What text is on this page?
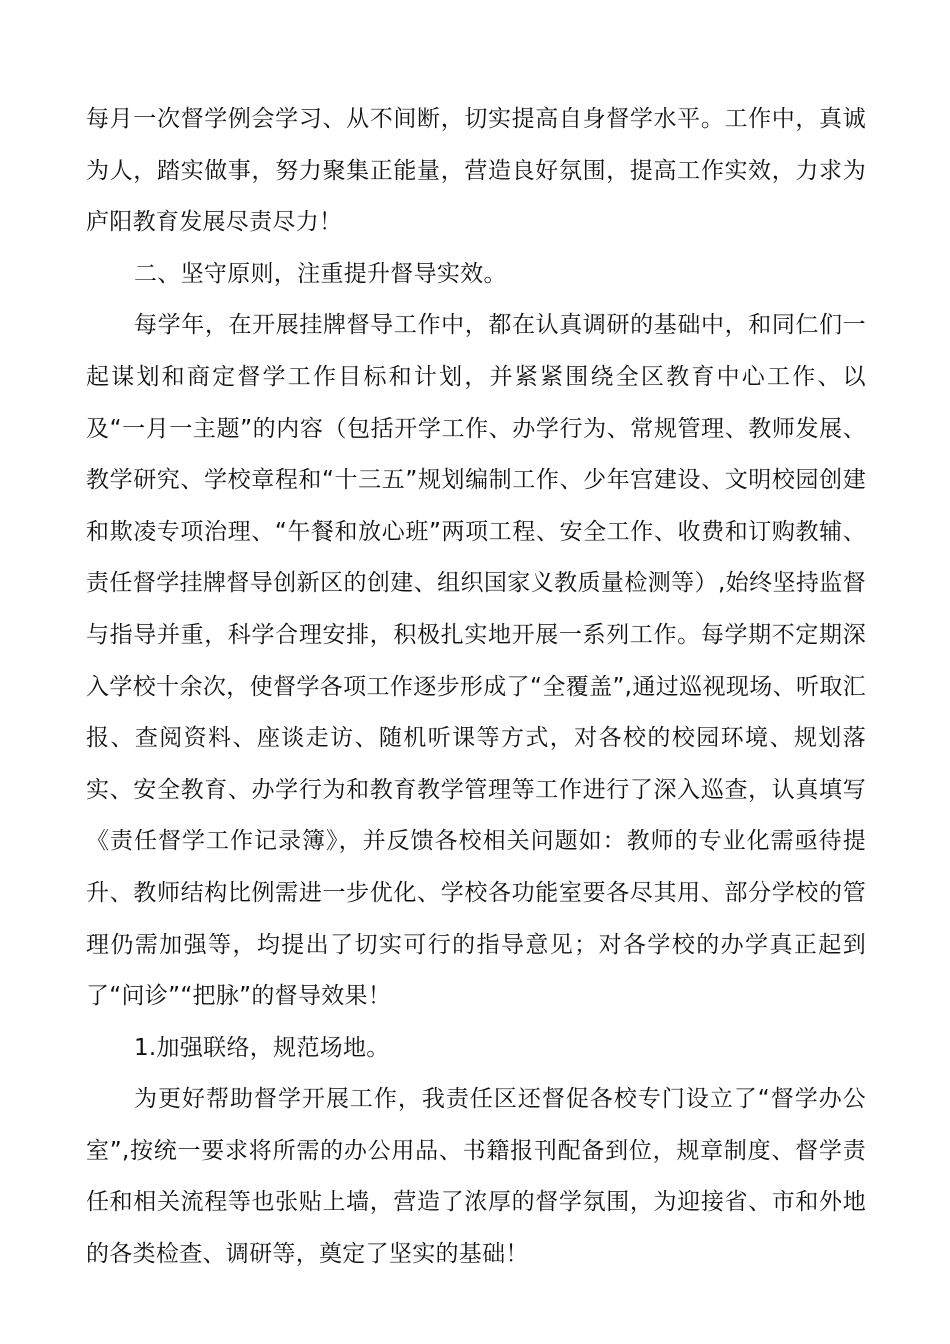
每月一次督学例会学习、从不间断，切实提高自身督学水平。工作中，真诚为人，踏实做事，努力聚集正能量，营造良好氛围，提高工作实效，力求为庐阳教育发展尽责尽力！

二、坚守原则，注重提升督导实效。

每学年，在开展挂牌督导工作中，都在认真调研的基础中，和同仁们一起谋划和商定督学工作目标和计划，并紧紧围绕全区教育中心工作、以及“一月一主题”的内容（包括开学工作、办学行为、常规管理、教师发展、教学研究、学校章程和“十三五”规划编制工作、少年宫建设、文明校园创建和欺凌专项治理、“午餐和放心班”两项工程、安全工作、收费和订购教辅、责任督学挂牌督导创新区的创建、组织国家义教质量检测等）,始终坚持监督与指导并重，科学合理安排，积极扎实地开展一系列工作。每学期不定期深入学校十余次，使督学各项工作逐步形成了“全覆盖”,通过巡视现场、听取汇报、查阅资料、座谈走访、随机听课等方式，对各校的校园环境、规划落实、安全教育、办学行为和教育教学管理等工作进行了深入巡查，认真填写《责任督学工作记录簿》，并反馈各校相关问题如：教师的专业化需亟待提升、教师结构比例需进一步优化、学校各功能室要各尽其用、部分学校的管理仍需加强等，均提出了切实可行的指导意见；对各学校的办学真正起到了“问诊”“把脉”的督导效果！

1.加强联络，规范场地。

为更好帮助督学开展工作，我责任区还督促各校专门设立了“督学办公室”,按统一要求将所需的办公用品、书籍报刊配备到位，规章制度、督学责任和相关流程等也张贴上墙，营造了浓厚的督学氛围，为迎接省、市和外地的各类检查、调研等，奠定了坚实的基础！
